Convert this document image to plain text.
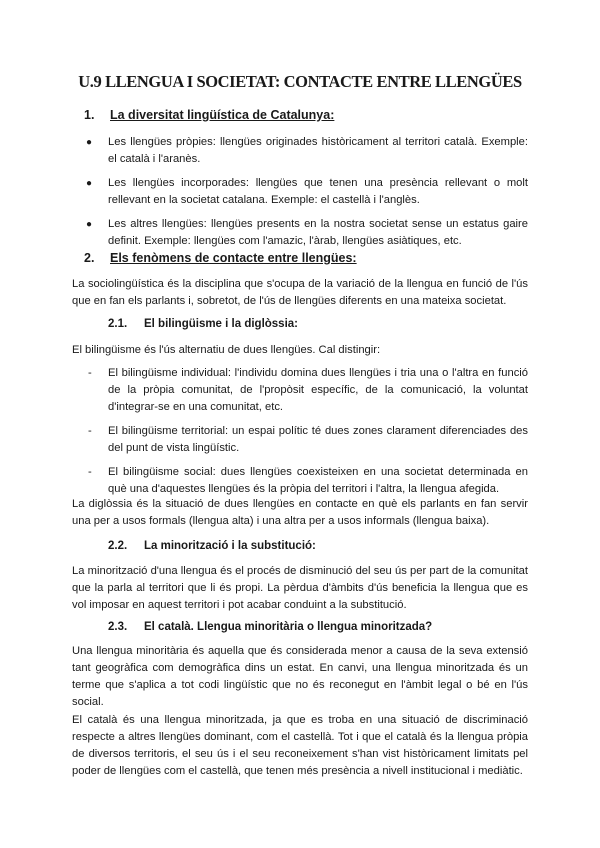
U.9 LLENGUA I SOCIETAT: CONTACTE ENTRE LLENGÜES
1. La diversitat lingüística de Catalunya:
● Les llengües pròpies: llengües originades històricament al territori català. Exemple: el català i l'aranès.
● Les llengües incorporades: llengües que tenen una presència rellevant o molt rellevant en la societat catalana. Exemple: el castellà i l'anglès.
● Les altres llengües: llengües presents en la nostra societat sense un estatus gaire definit. Exemple: llengües com l'amazic, l'àrab, llengües asiàtiques, etc.
2. Els fenòmens de contacte entre llengües:

La sociolingüística és la disciplina que s'ocupa de la variació de la llengua en funció de l'ús que en fan els parlants i, sobretot, de l'ús de llengües diferents en una mateixa societat.

2.1. El bilingüisme i la diglòssia:

El bilingüisme és l'ús alternatiu de dues llengües. Cal distingir:

- El bilingüisme individual: l'individu domina dues llengües i tria una o l'altra en funció de la pròpia comunitat, de l'propòsit específic, de la comunicació, la voluntat d'integrar-se en una comunitat, etc.
- El bilingüisme territorial: un espai polític té dues zones clarament diferenciades des del punt de vista lingüístic.
- El bilingüisme social: dues llengües coexisteixen en una societat determinada en què una d'aquestes llengües és la pròpia del territori i l'altra, la llengua afegida.

La diglòssia és la situació de dues llengües en contacte en què els parlants en fan servir una per a usos formals (llengua alta) i una altra per a usos informals (llengua baixa).

2.2. La minorització i la substitució:

La minorització d'una llengua és el procés de disminució del seu ús per part de la comunitat que la parla al territori que li és propi. La pèrdua d'àmbits d'ús beneficia la llengua que es vol imposar en aquest territori i pot acabar conduint a la substitució.

2.3. El català. Llengua minoritària o llengua minoritzada?

Una llengua minoritària és aquella que és considerada menor a causa de la seva extensió tant geogràfica com demogràfica dins un estat. En canvi, una llengua minoritzada és un terme que s'aplica a tot codi lingüístic que no és reconegut en l'àmbit legal o bé en l'ús social.

El català és una llengua minoritzada, ja que es troba en una situació de discriminació respecte a altres llengües dominant, com el castellà. Tot i que el català és la llengua pròpia de diversos territoris, el seu ús i el seu reconeixement s'han vist històricament limitats pel poder de llengües com el castellà, que tenen més presència a nivell institucional i mediàtic.
